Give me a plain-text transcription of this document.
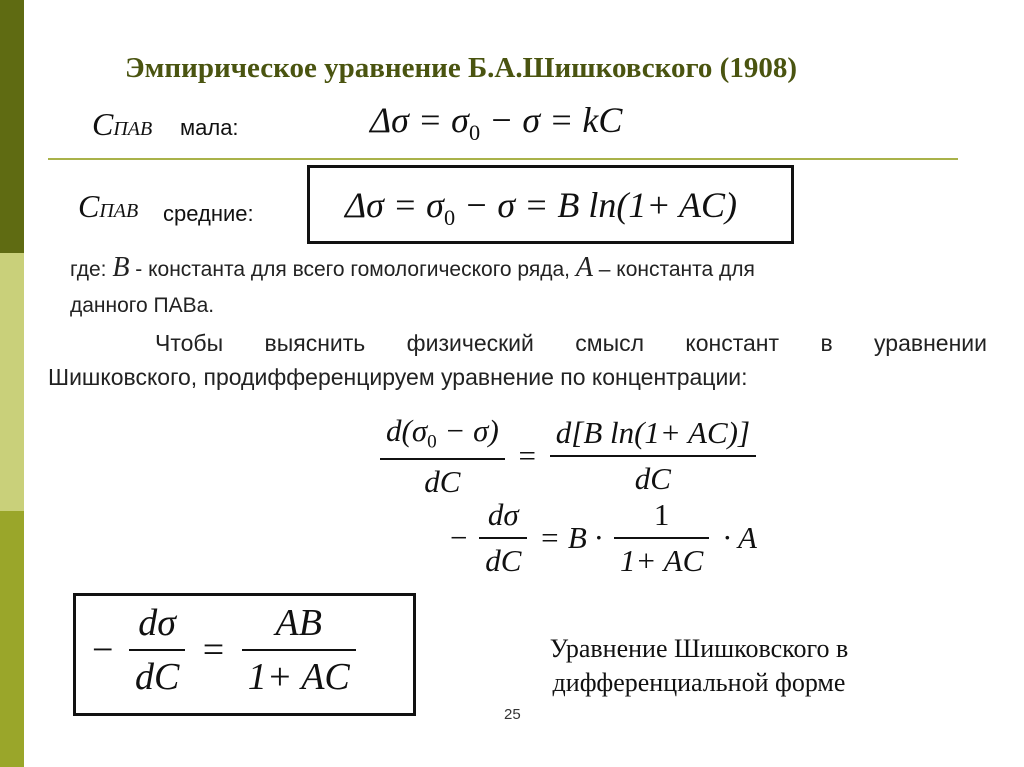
Эмпирическое уравнение Б.А.Шишковского (1908)
CПАВ мала:	$\Delta\sigma = \sigma_0 - \sigma$ = kC
CПАВ средние:	$\Delta\sigma = \sigma_0 - \sigma = B$ ln(1+ AC)
где: B - константа для всего гомологического ряда, A – константа для
данного ПАВа.
Чтобы выяснить физический смысл констант в уравнении
Шишковского, продифференцируем уравнение по концентрации:
$\frac{d(\sigma_0 - \sigma)}{dC} = \frac{\text{d[B ln(1+ AC)]}}{dC}$
− $\frac{d\sigma}{dC} = B \cdot \frac{1}{1+ AC} \cdot A$
− $\frac{d\sigma}{dC} = \frac{AB}{1+ AC}$	Уравнение Шишковского в
дифференциальной форме
25
